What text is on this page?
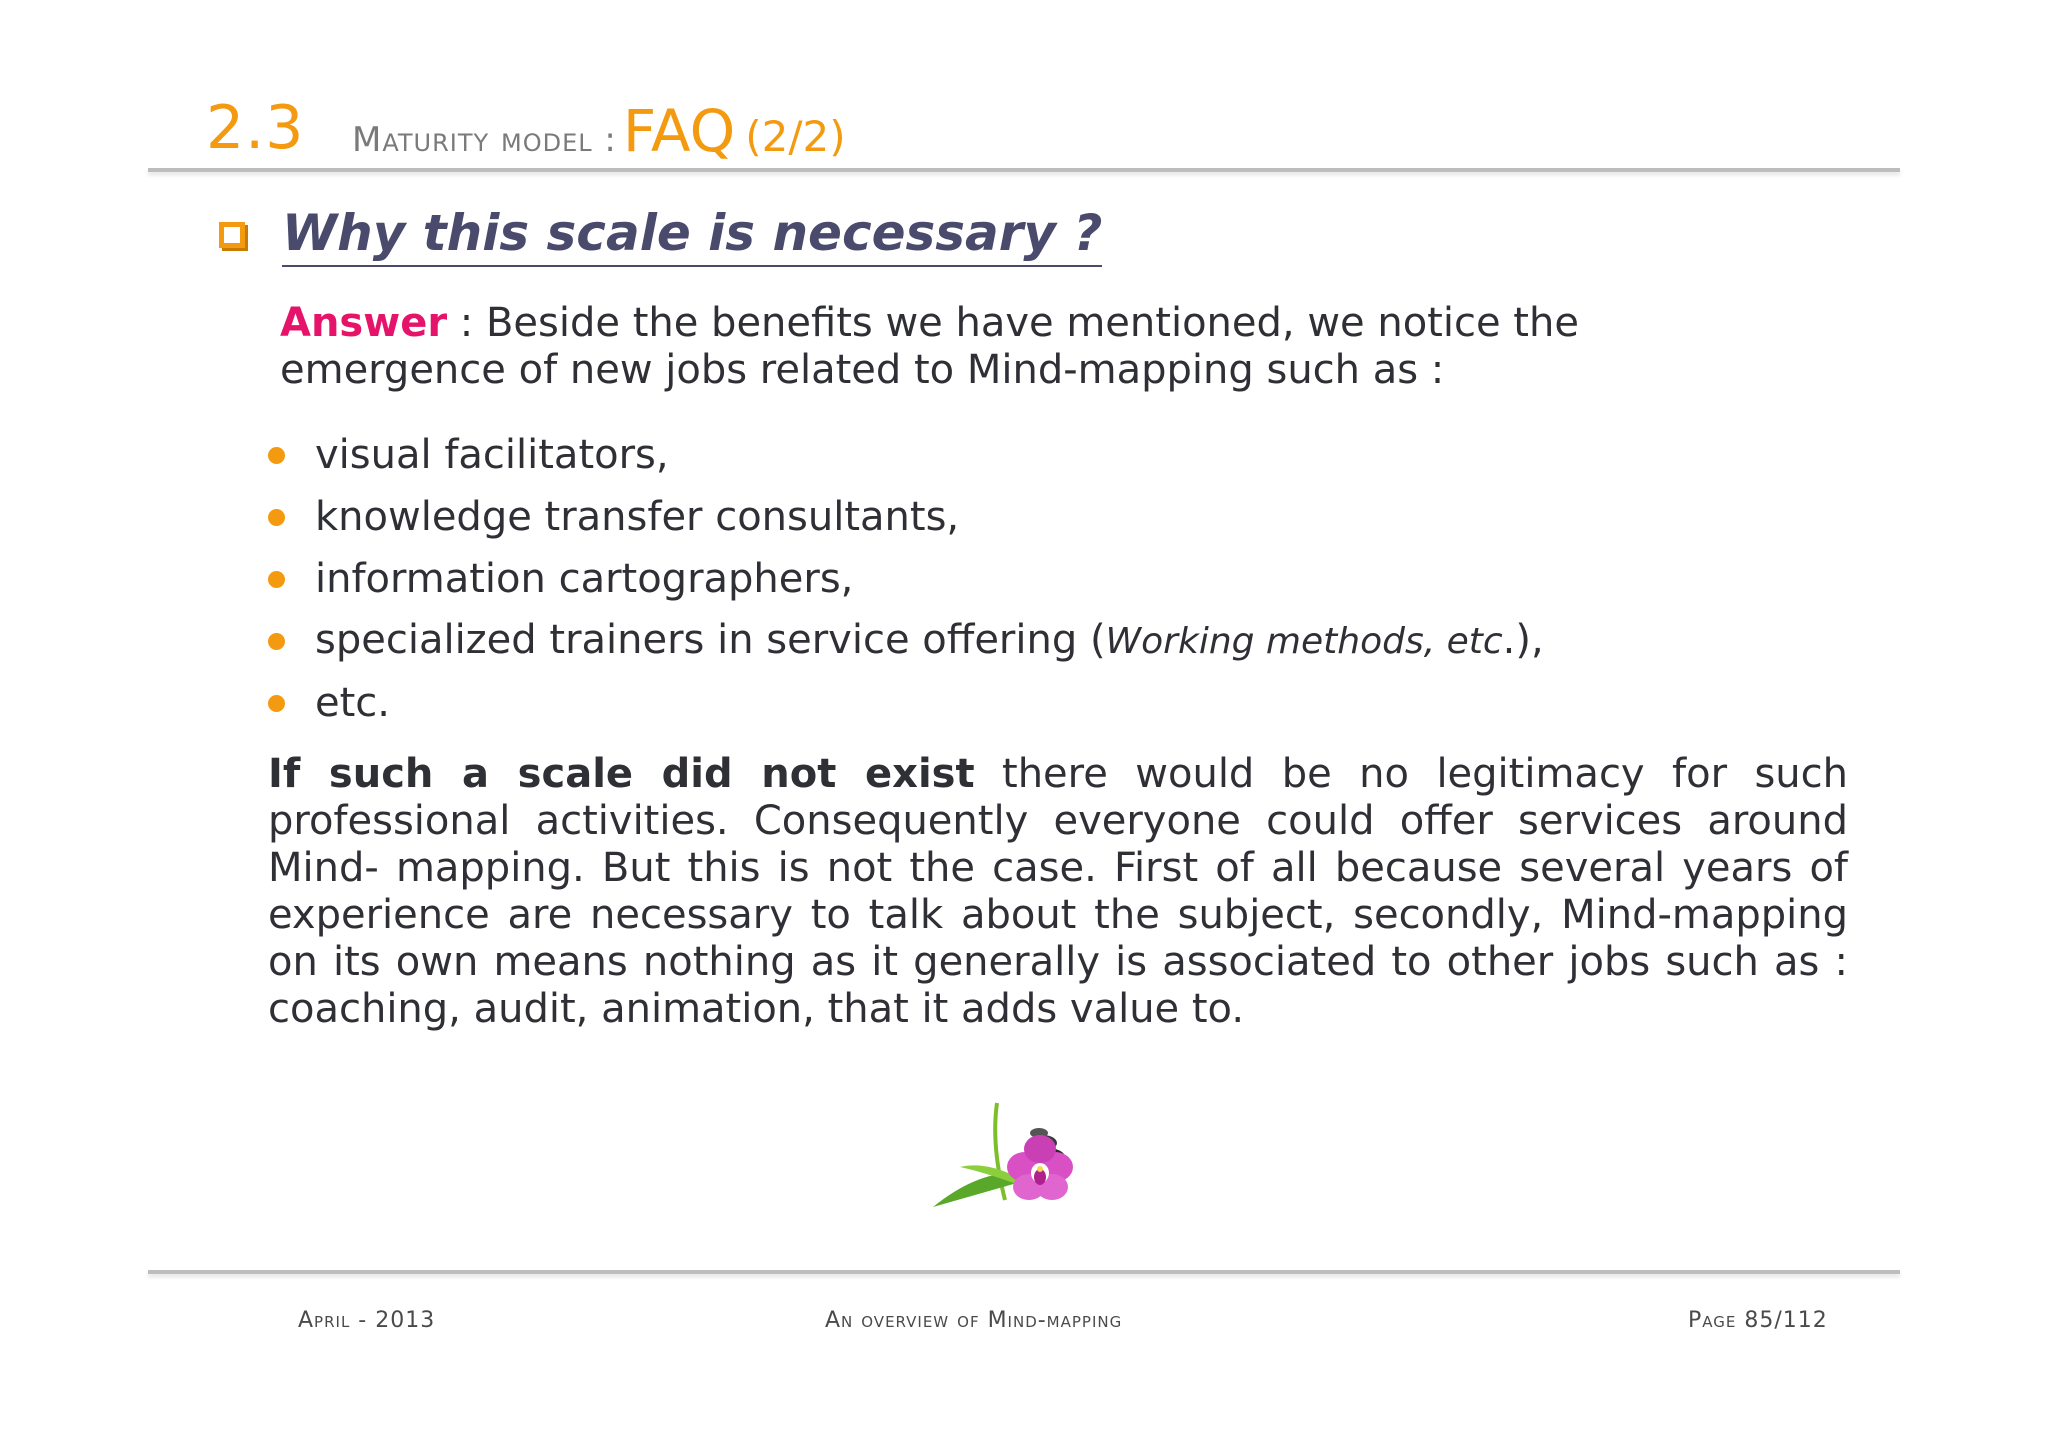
2.3 Maturity model : FAQ (2/2)
Why this scale is necessary ?
Answer : Beside the benefits we have mentioned, we notice the emergence of new jobs related to Mind-mapping such as :
visual facilitators,
knowledge transfer consultants,
information cartographers,
specialized trainers in service offering (Working methods, etc.),
etc.
If such a scale did not exist there would be no legitimacy for such professional activities. Consequently everyone could offer services around Mind- mapping. But this is not the case. First of all because several years of experience are necessary to talk about the subject, secondly, Mind-mapping on its own means nothing as it generally is associated to other jobs such as : coaching, audit, animation, that it adds value to.
April - 2013	An overview of Mind-mapping	Page 85/112
